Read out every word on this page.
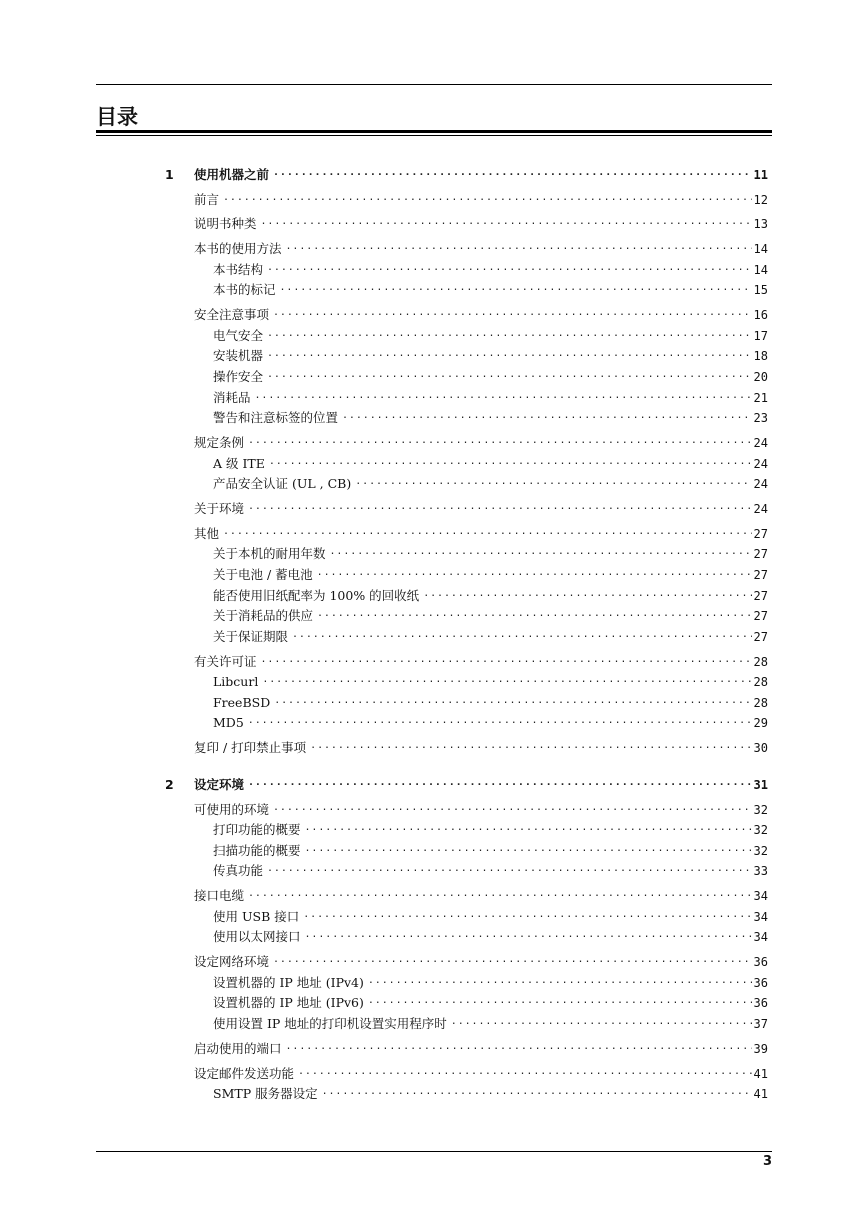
目录
1	使用机器之前 .....	11
前言 .....	12
说明书种类 .....	13
本书的使用方法 .....	14
本书结构 .....	14
本书的标记 .....	15
安全注意事项 .....	16
电气安全 .....	17
安装机器 .....	18
操作安全 .....	20
消耗品 .....	21
警告和注意标签的位置 .....	23
规定条例 .....	24
A 级 ITE .....	24
产品安全认证 (UL , CB) .....	24
关于环境 .....	24
其他 .....	27
关于本机的耐用年数 .....	27
关于电池 / 蓄电池 .....	27
能否使用旧纸配率为 100% 的回收纸 .....	27
关于消耗品的供应 .....	27
关于保证期限 .....	27
有关许可证 .....	28
Libcurl .....	28
FreeBSD .....	28
MD5 .....	29
复印 / 打印禁止事项 .....	30
2	设定环境 .....	31
可使用的环境 .....	32
打印功能的概要 .....	32
扫描功能的概要 .....	32
传真功能 .....	33
接口电缆 .....	34
使用 USB 接口 .....	34
使用以太网接口 .....	34
设定网络环境 .....	36
设置机器的 IP 地址 (IPv4) .....	36
设置机器的 IP 地址 (IPv6) .....	36
使用设置 IP 地址的打印机设置实用程序时 .....	37
启动使用的端口 .....	39
设定邮件发送功能 .....	41
SMTP 服务器设定 .....	41
3
